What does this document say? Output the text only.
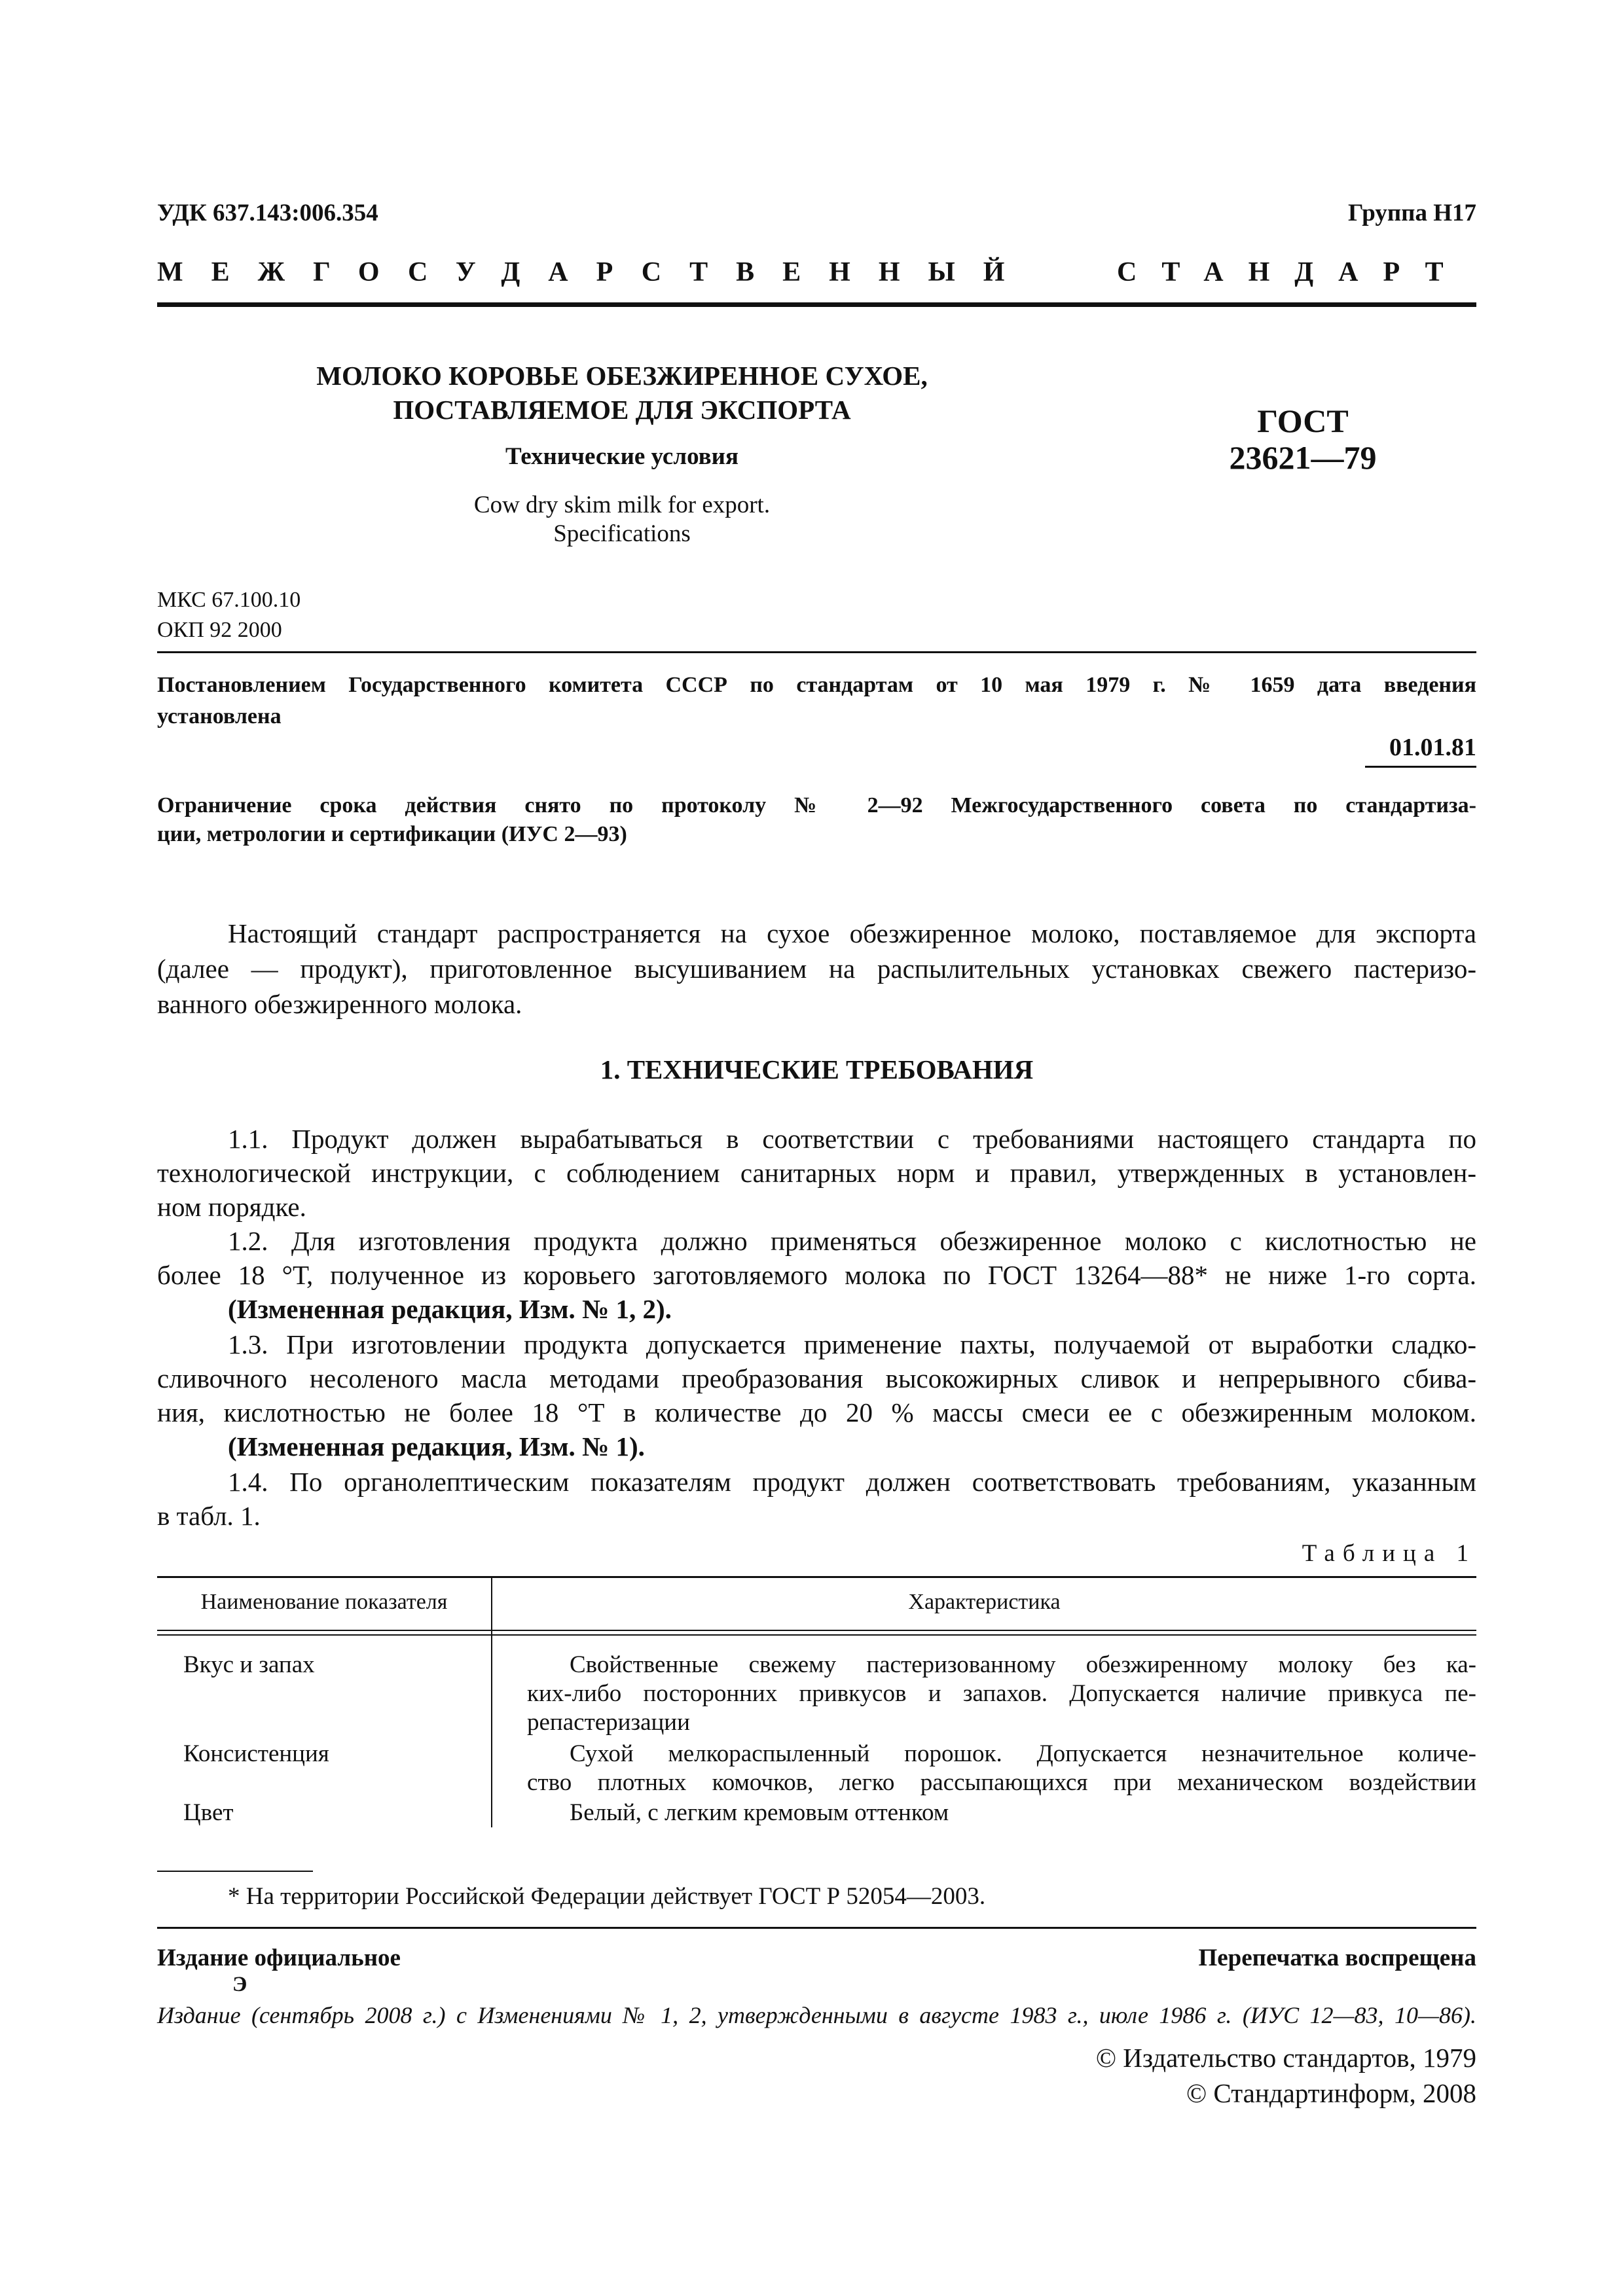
УДК 637.143:006.354	Группа Н17
МЕЖГОСУДАРСТВЕННЫЙ	СТАНДАРТ
МОЛОКО КОРОВЬЕ ОБЕЗЖИРЕННОЕ СУХОЕ,
ПОСТАВЛЯЕМОЕ ДЛЯ ЭКСПОРТА
Технические условия
Cow dry skim milk for export.
Specifications
ГОСТ
23621—79
МКС 67.100.10
ОКП 92 2000
Постановлением Государственного комитета СССР по стандартам от 10 мая 1979 г. № 1659 дата введения
установлена
01.01.81
Ограничение срока действия снято по протоколу № 2—92 Межгосударственного совета по стандартиза-
ции, метрологии и сертификации (ИУС 2—93)
Настоящий стандарт распространяется на сухое обезжиренное молоко, поставляемое для экспорта
(далее — продукт), приготовленное высушиванием на распылительных установках свежего пастеризо-
ванного обезжиренного молока.
1. ТЕХНИЧЕСКИЕ ТРЕБОВАНИЯ
1.1. Продукт должен вырабатываться в соответствии с требованиями настоящего стандарта по
технологической инструкции, с соблюдением санитарных норм и правил, утвержденных в установлен-
ном порядке.
1.2. Для изготовления продукта должно применяться обезжиренное молоко с кислотностью не
более 18 °Т, полученное из коровьего заготовляемого молока по ГОСТ 13264—88* не ниже 1-го сорта.
(Измененная редакция, Изм. № 1, 2).
1.3. При изготовлении продукта допускается применение пахты, получаемой от выработки сладко-
сливочного несоленого масла методами преобразования высокожирных сливок и непрерывного сбива-
ния, кислотностью не более 18 °Т в количестве до 20 % массы смеси ее с обезжиренным молоком.
(Измененная редакция, Изм. № 1).
1.4. По органолептическим показателям продукт должен соответствовать требованиям, указанным
в табл. 1.
Таблица 1
Наименование показателя	Характеристика
Вкус и запах	Свойственные свежему пастеризованному обезжиренному молоку без ка-
ких-либо посторонних привкусов и запахов. Допускается наличие привкуса пе-
репастеризации
Консистенция	Сухой мелкораспыленный порошок. Допускается незначительное количе-
ство плотных комочков, легко рассыпающихся при механическом воздействии
Цвет	Белый, с легким кремовым оттенком
* На территории Российской Федерации действует ГОСТ Р 52054—2003.
Издание официальное	Перепечатка воспрещена
Э
Издание (сентябрь 2008 г.) с Изменениями № 1, 2, утвержденными в августе 1983 г., июле 1986 г. (ИУС 12—83, 10—86).
© Издательство стандартов, 1979
© Стандартинформ, 2008
